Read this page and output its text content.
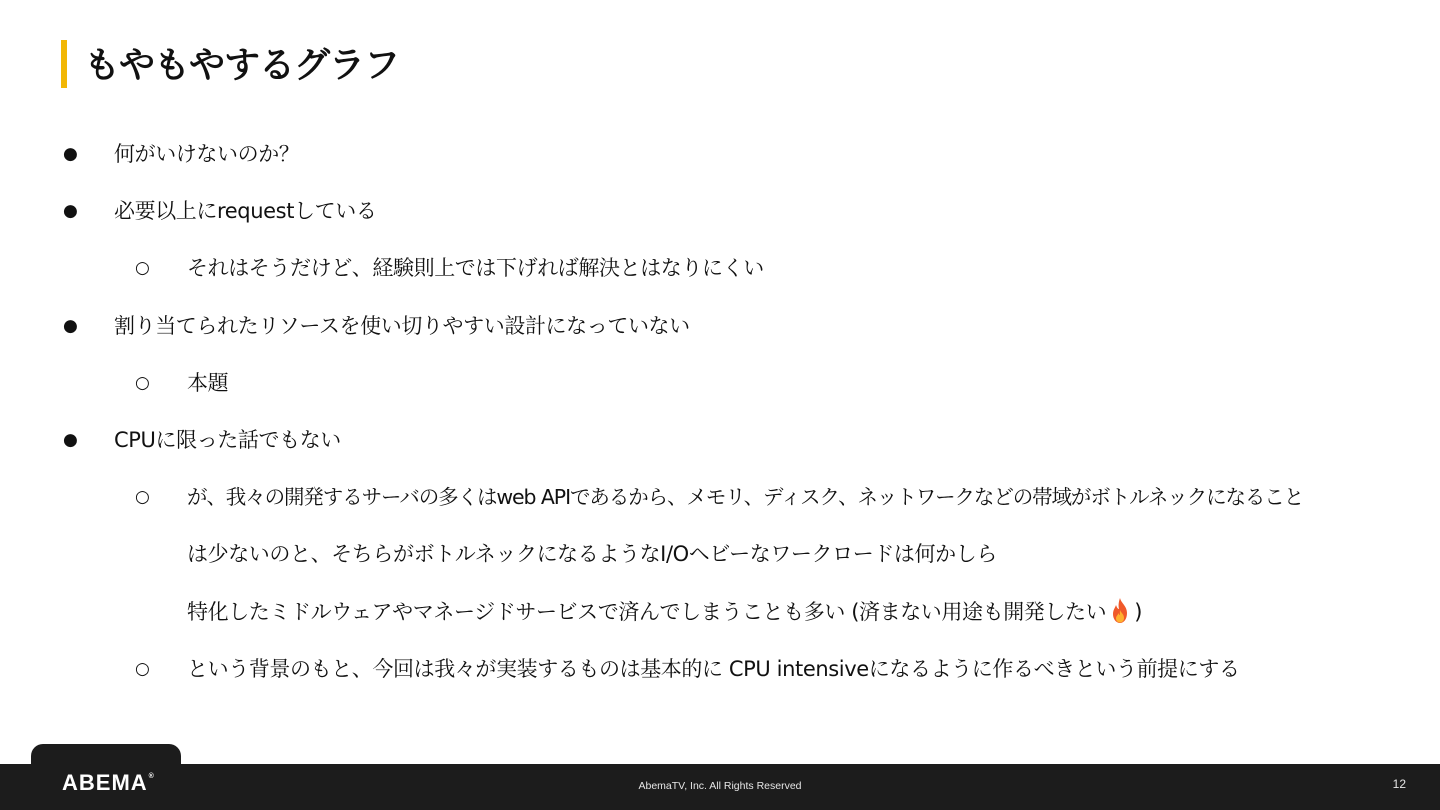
もやもやするグラフ
● 何がいけないのか？
● 必要以上にrequestしている
○ それはそうだけど、経験則上では下げれば解決とはなりにくい
● 割り当てられたリソースを使い切りやすい設計になっていない
○ 本題
● CPUに限った話でもない
○ が、我々の開発するサーバの多くはweb APIであるから、メモリ、ディスク、ネットワークなどの帯域がボトルネックになること
は少ないのと、そちらがボトルネックになるようなI/Oヘビーなワークロードは何かしら
特化したミドルウェアやマネージドサービスで済んでしまうことも多い (済まない用途も開発したい )
○ という背景のもと、今回は我々が実装するものは基本的に CPU intensiveになるように作るべきという前提にする
ABEMA®
AbemaTV, Inc. All Rights Reserved	12
